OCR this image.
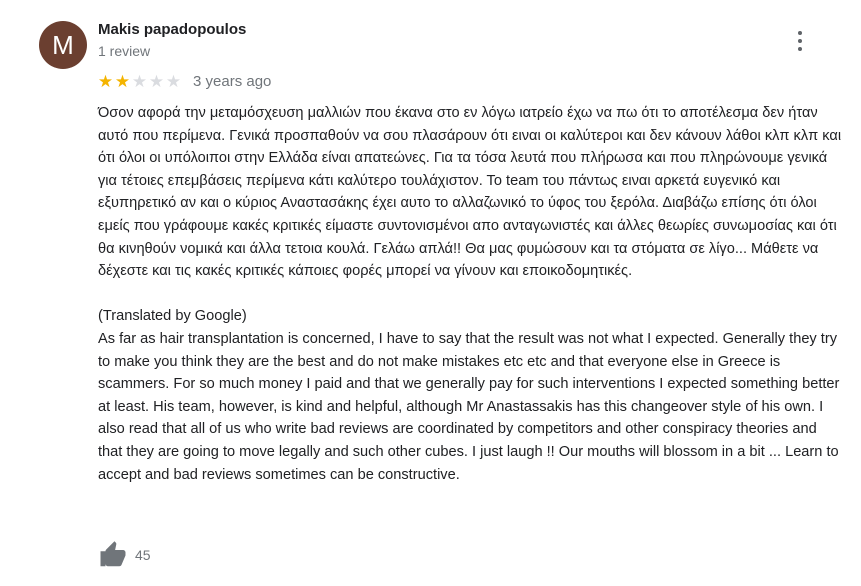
M
Makis papadopoulos
1 review
★ ★ ★ ★ ★ 3 years ago

Όσον αφορά την μεταμόσχευση μαλλιών που έκανα στο εν λόγω ιατρείο έχω να πω ότι το αποτέλεσμα δεν ήταν αυτό που περίμενα. Γενικά προσπαθούν να σου πλασάρουν ότι ειναι οι καλύτεροι και δεν κάνουν λάθοι κλπ κλπ και ότι όλοι οι υπόλοιποι στην Ελλάδα είναι απατεώνες. Για τα τόσα λευτά που πλήρωσα και που πληρώνουμε γενικά για τέτοιες επεμβάσεις περίμενα κάτι καλύτερο τουλάχιστον. Το team του πάντως ειναι αρκετά ευγενικό και εξυπηρετικό αν και ο κύριος Αναστασάκης έχει αυτο το αλλαζωνικό το ύφος του ξερόλα. Διαβάζω επίσης ότι όλοι εμείς που γράφουμε κακές κριτικές είμαστε συντονισμένοι απο ανταγωνιστές και άλλες θεωρίες συνωμοσίας και ότι θα κινηθούν νομικά και άλλα τετοια κουλά. Γελάω απλά!! Θα μας φυμώσουν και τα στόματα σε λίγο... Μάθετε να δέχεστε και τις κακές κριτικές κάποιες φορές μπορεί να γίνουν και εποικοδομητικές.

(Translated by Google)
As far as hair transplantation is concerned, I have to say that the result was not what I expected. Generally they try to make you think they are the best and do not make mistakes etc etc and that everyone else in Greece is scammers. For so much money I paid and that we generally pay for such interventions I expected something better at least. His team, however, is kind and helpful, although Mr Anastassakis has this changeover style of his own. I also read that all of us who write bad reviews are coordinated by competitors and other conspiracy theories and that they are going to move legally and such other cubes. I just laugh !! Our mouths will blossom in a bit ... Learn to accept and bad reviews sometimes can be constructive.

45
